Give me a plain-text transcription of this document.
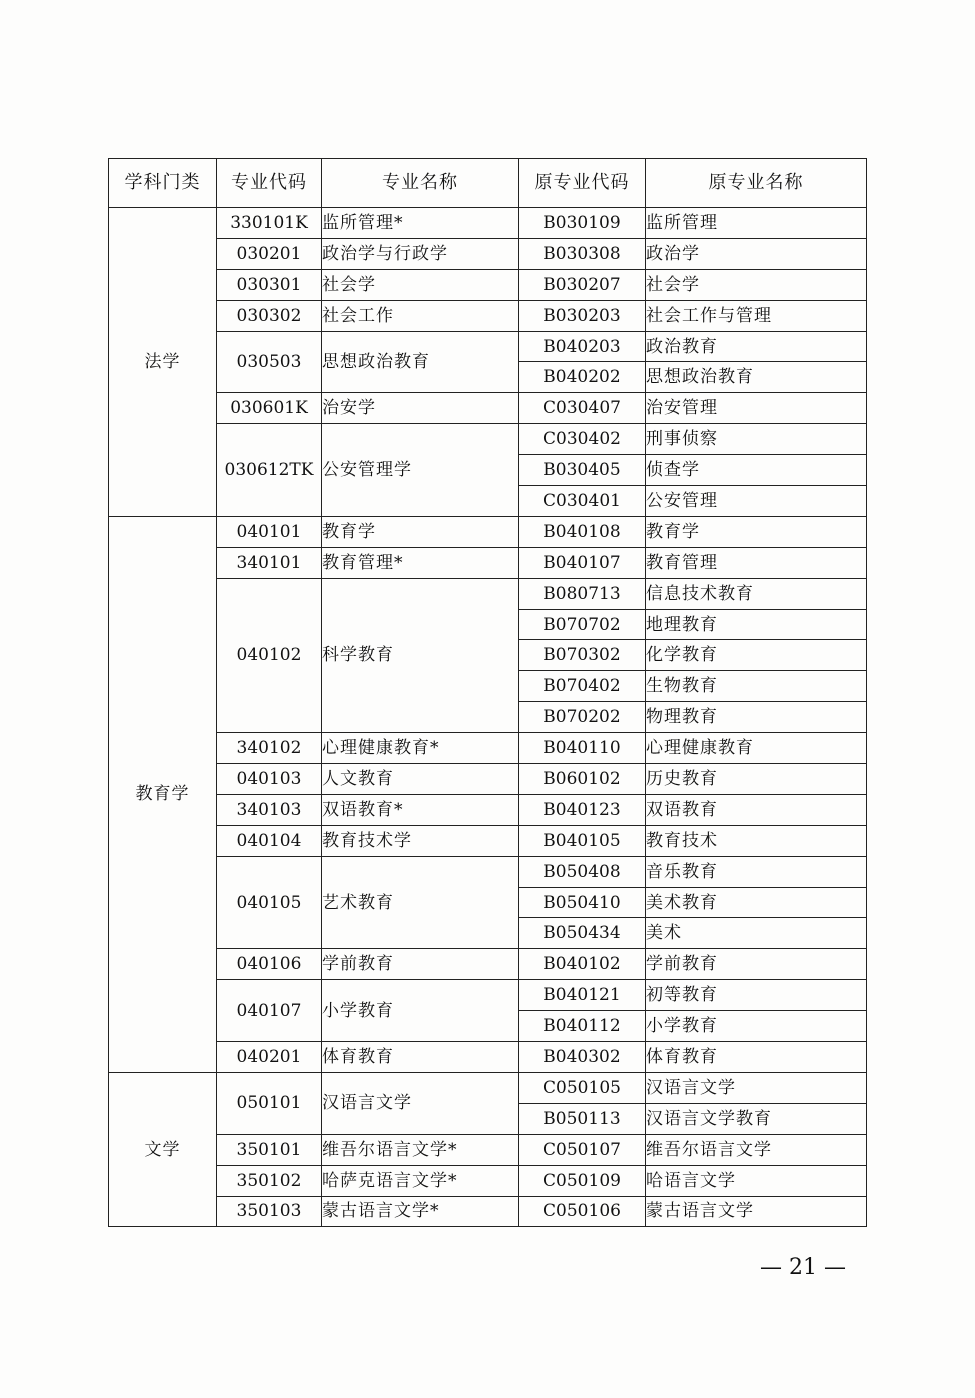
学科门类	专业代码	专业名称	原专业代码	原专业名称
法学	330101K	监所管理*	B030109	监所管理
	030201	政治学与行政学	B030308	政治学
	030301	社会学	B030207	社会学
	030302	社会工作	B030203	社会工作与管理
	030503	思想政治教育	B040203	政治教育
			B040202	思想政治教育
	030601K	治安学	C030407	治安管理
	030612TK	公安管理学	C030402	刑事侦察
			B030405	侦查学
			C030401	公安管理
教育学	040101	教育学	B040108	教育学
	340101	教育管理*	B040107	教育管理
	040102	科学教育	B080713	信息技术教育
			B070702	地理教育
			B070302	化学教育
			B070402	生物教育
			B070202	物理教育
	340102	心理健康教育*	B040110	心理健康教育
	040103	人文教育	B060102	历史教育
	340103	双语教育*	B040123	双语教育
	040104	教育技术学	B040105	教育技术
	040105	艺术教育	B050408	音乐教育
			B050410	美术教育
			B050434	美术
	040106	学前教育	B040102	学前教育
	040107	小学教育	B040121	初等教育
			B040112	小学教育
	040201	体育教育	B040302	体育教育
文学	050101	汉语言文学	C050105	汉语言文学
			B050113	汉语言文学教育
	350101	维吾尔语言文学*	C050107	维吾尔语言文学
	350102	哈萨克语言文学*	C050109	哈语言文学
	350103	蒙古语言文学*	C050106	蒙古语言文学
— 21 —
